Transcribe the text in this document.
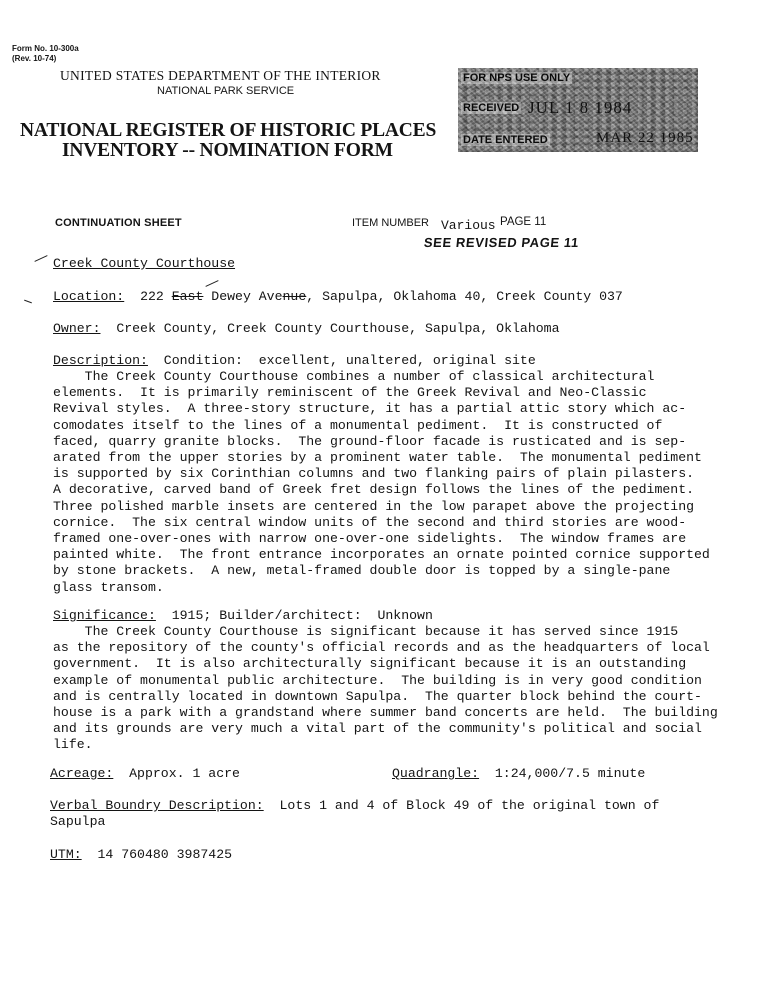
Form No. 10-300a
(Rev. 10-74)
UNITED STATES DEPARTMENT OF THE INTERIOR
NATIONAL PARK SERVICE
NATIONAL REGISTER OF HISTORIC PLACES
INVENTORY -- NOMINATION FORM
FOR NPS USE ONLY
RECEIVED JUL 1 8 1984
DATE ENTERED	MAR 22 1985
CONTINUATION SHEET	ITEM NUMBER Various PAGE 11
SEE REVISED PAGE 11
Creek County Courthouse
Location: 222 East Dewey Avenue, Sapulpa, Oklahoma 40, Creek County 037
Owner: Creek County, Creek County Courthouse, Sapulpa, Oklahoma
Description: Condition:  excellent, unaltered, original site
The Creek County Courthouse combines a number of classical architectural
elements.  It is primarily reminiscent of the Greek Revival and Neo-Classic
Revival styles.  A three-story structure, it has a partial attic story which ac-
comodates itself to the lines of a monumental pediment.  It is constructed of
faced, quarry granite blocks.  The ground-floor facade is rusticated and is sep-
arated from the upper stories by a prominent water table.  The monumental pediment
is supported by six Corinthian columns and two flanking pairs of plain pilasters.
A decorative, carved band of Greek fret design follows the lines of the pediment.
Three polished marble insets are centered in the low parapet above the projecting
cornice.  The six central window units of the second and third stories are wood-
framed one-over-ones with narrow one-over-one sidelights.  The window frames are
painted white.  The front entrance incorporates an ornate pointed cornice supported
by stone brackets.  A new, metal-framed double door is topped by a single-pane
glass transom.
Significance: 1915; Builder/architect:  Unknown
The Creek County Courthouse is significant because it has served since 1915
as the repository of the county's official records and as the headquarters of local
government.  It is also architecturally significant because it is an outstanding
example of monumental public architecture.  The building is in very good condition
and is centrally located in downtown Sapulpa.  The quarter block behind the court-
house is a park with a grandstand where summer band concerts are held.  The building
and its grounds are very much a vital part of the community's political and social
life.
Acreage: Approx. 1 acre	Quadrangle: 1:24,000/7.5 minute
Verbal Boundry Description: Lots 1 and 4 of Block 49 of the original town of
Sapulpa
UTM: 14 760480 3987425
